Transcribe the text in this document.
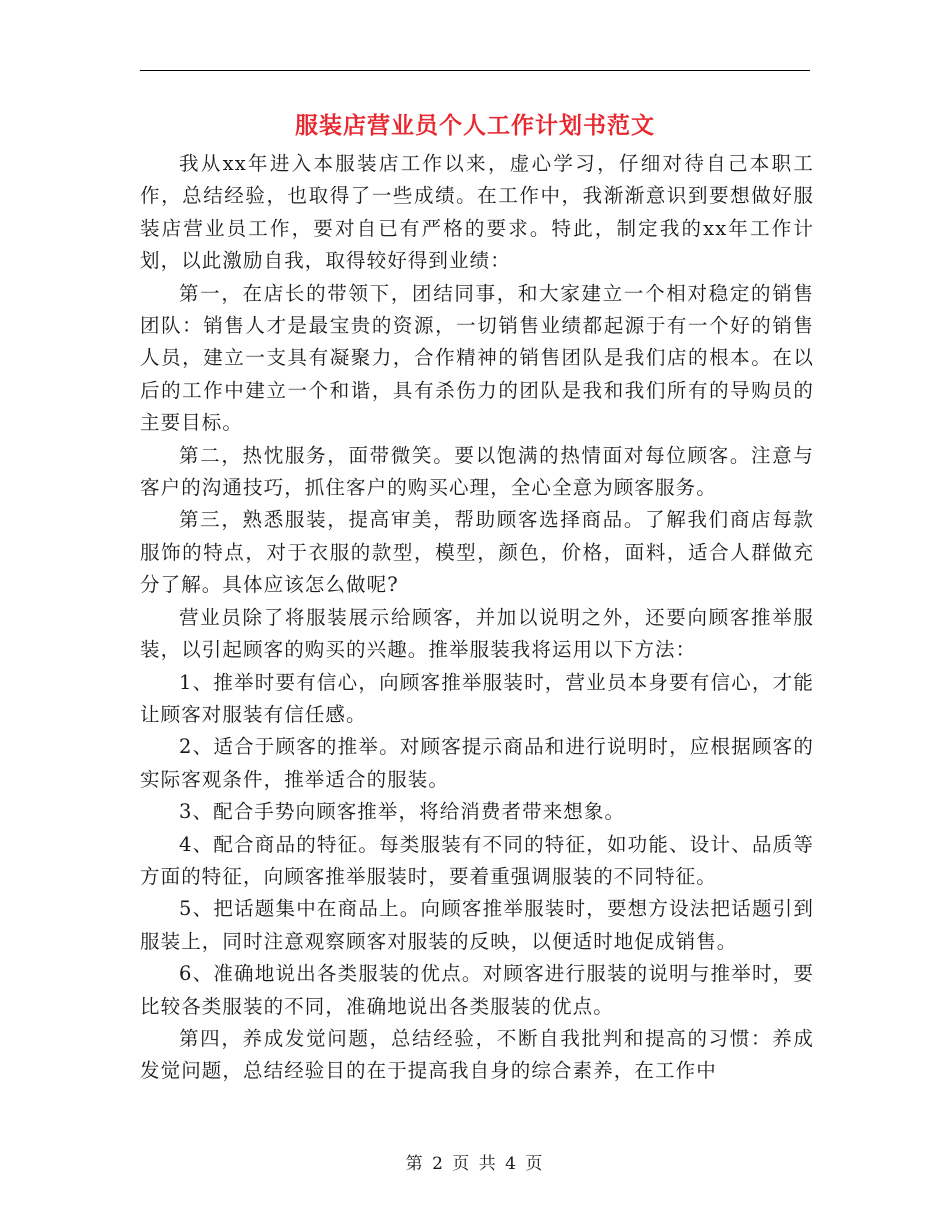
服装店营业员个人工作计划书范文

我从xx年进入本服装店工作以来，虚心学习，仔细对待自己本职工作，总结经验，也取得了一些成绩。在工作中，我渐渐意识到要想做好服装店营业员工作，要对自已有严格的要求。特此，制定我的xx年工作计划，以此激励自我，取得较好得到业绩：

第一，在店长的带领下，团结同事，和大家建立一个相对稳定的销售团队：销售人才是最宝贵的资源，一切销售业绩都起源于有一个好的销售人员，建立一支具有凝聚力，合作精神的销售团队是我们店的根本。在以后的工作中建立一个和谐，具有杀伤力的团队是我和我们所有的导购员的主要目标。

第二，热忱服务，面带微笑。要以饱满的热情面对每位顾客。注意与客户的沟通技巧，抓住客户的购买心理，全心全意为顾客服务。

第三，熟悉服装，提高审美，帮助顾客选择商品。了解我们商店每款服饰的特点，对于衣服的款型，模型，颜色，价格，面料，适合人群做充分了解。具体应该怎么做呢?

营业员除了将服装展示给顾客，并加以说明之外，还要向顾客推举服装，以引起顾客的购买的兴趣。推举服装我将运用以下方法：

1、推举时要有信心，向顾客推举服装时，营业员本身要有信心，才能让顾客对服装有信任感。

2、适合于顾客的推举。对顾客提示商品和进行说明时，应根据顾客的实际客观条件，推举适合的服装。

3、配合手势向顾客推举，将给消费者带来想象。

4、配合商品的特征。每类服装有不同的特征，如功能、设计、品质等方面的特征，向顾客推举服装时，要着重强调服装的不同特征。

5、把话题集中在商品上。向顾客推举服装时，要想方设法把话题引到服装上，同时注意观察顾客对服装的反映，以便适时地促成销售。

6、准确地说出各类服装的优点。对顾客进行服装的说明与推举时，要比较各类服装的不同，准确地说出各类服装的优点。

第四，养成发觉问题，总结经验，不断自我批判和提高的习惯：养成发觉问题，总结经验目的在于提高我自身的综合素养，在工作中

第 2 页 共 4 页
